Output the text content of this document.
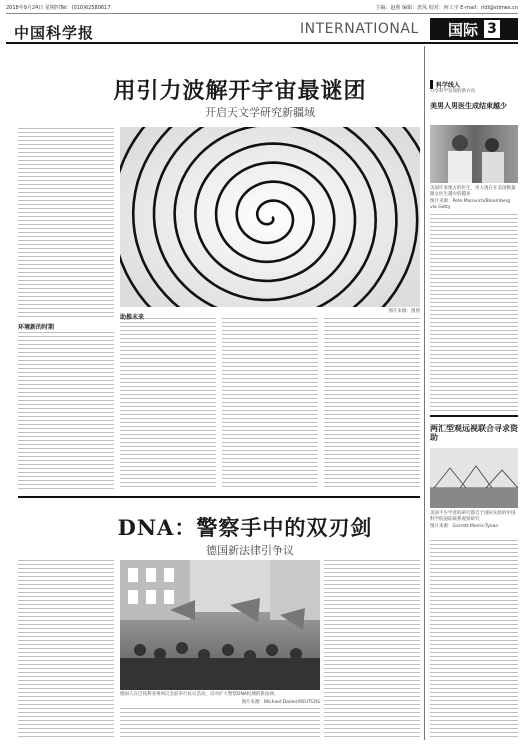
2018年9月24日 星期四 Tel：(010)62580617	主编：赵莉 编辑：唐凤 校对：何工宇 E-mail：rldl@stimes.cn
中国科学报	INTERNATIONAL 国际 3
用引力波解开宇宙最谜团
开启天文学研究新疆域
环境新的时期
图片来源：图图
助推未来
DNA：警察手中的双刃剑
德国新法律引争议
德国人在巴伐利亚州州议会前举行抗议活动，反对扩大警察DNA检测的新法律。
图片来源：Michael Dalder/REUTERS
科学线人
分享科学发现的新方向
美男人男医生成结束越少
美国许多地方的医生，男人现在在美国数量跟女医生越少的越多
图片来源：Pete Marovich/Bloomberg via Getty
两汇型观远视联合寻求资助
美国不少学者的研究都自于国际实验的中国科学院国际联系观察研究
图片来源：Garrett Morris-Tynan
